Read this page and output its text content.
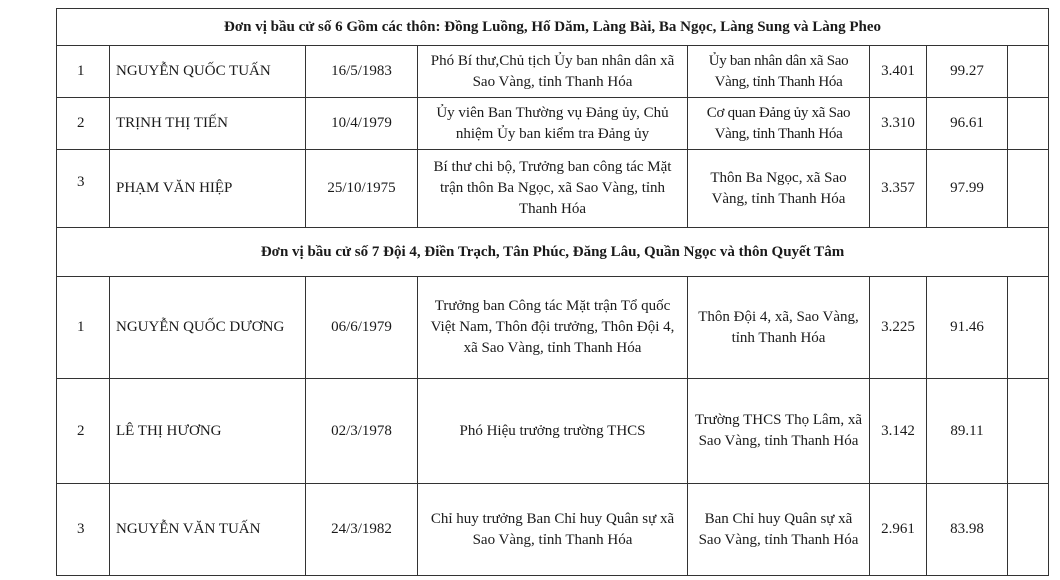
Đơn vị bầu cử số 6 Gồm các thôn: Đồng Luồng, Hố Dăm, Làng Bài, Ba Ngọc, Làng Sung và Làng Pheo							
1	NGUYỄN QUỐC TUẤN	16/5/1983	Phó Bí thư,Chủ tịch Ủy ban nhân dân xã Sao Vàng, tỉnh Thanh Hóa	Ủy ban nhân dân xã Sao Vàng, tỉnh Thanh Hóa	3.401	99.27	
2	TRỊNH THỊ TIẾN	10/4/1979	Ủy viên Ban Thường vụ Đảng ủy, Chủ nhiệm Ủy ban kiểm tra Đảng ủy	Cơ quan Đảng ủy xã Sao Vàng, tỉnh Thanh Hóa	3.310	96.61	
3	PHẠM VĂN HIỆP	25/10/1975	Bí thư chi bộ, Trưởng ban công tác Mặt trận thôn Ba Ngọc, xã Sao Vàng, tỉnh Thanh Hóa	Thôn Ba Ngọc, xã Sao Vàng, tỉnh Thanh Hóa	3.357	97.99	
Đơn vị bầu cử số 7 Đội 4, Điền Trạch, Tân Phúc, Đăng Lâu, Quần Ngọc và thôn Quyết Tâm							
1	NGUYỄN QUỐC DƯƠNG	06/6/1979	Trưởng ban Công tác Mặt trận Tổ quốc Việt Nam, Thôn đội trưởng, Thôn Đội 4, xã Sao Vàng, tỉnh Thanh Hóa	Thôn Đội 4, xã, Sao Vàng, tỉnh Thanh Hóa	3.225	91.46	
2	LÊ THỊ HƯƠNG	02/3/1978	Phó Hiệu trưởng trường THCS	Trường THCS Thọ Lâm, xã Sao Vàng, tỉnh Thanh Hóa	3.142	89.11	
3	NGUYỄN VĂN TUẤN	24/3/1982	Chỉ huy trưởng Ban Chỉ huy Quân sự xã Sao Vàng, tỉnh Thanh Hóa	Ban Chỉ huy Quân sự xã Sao Vàng, tỉnh Thanh Hóa	2.961	83.98	
